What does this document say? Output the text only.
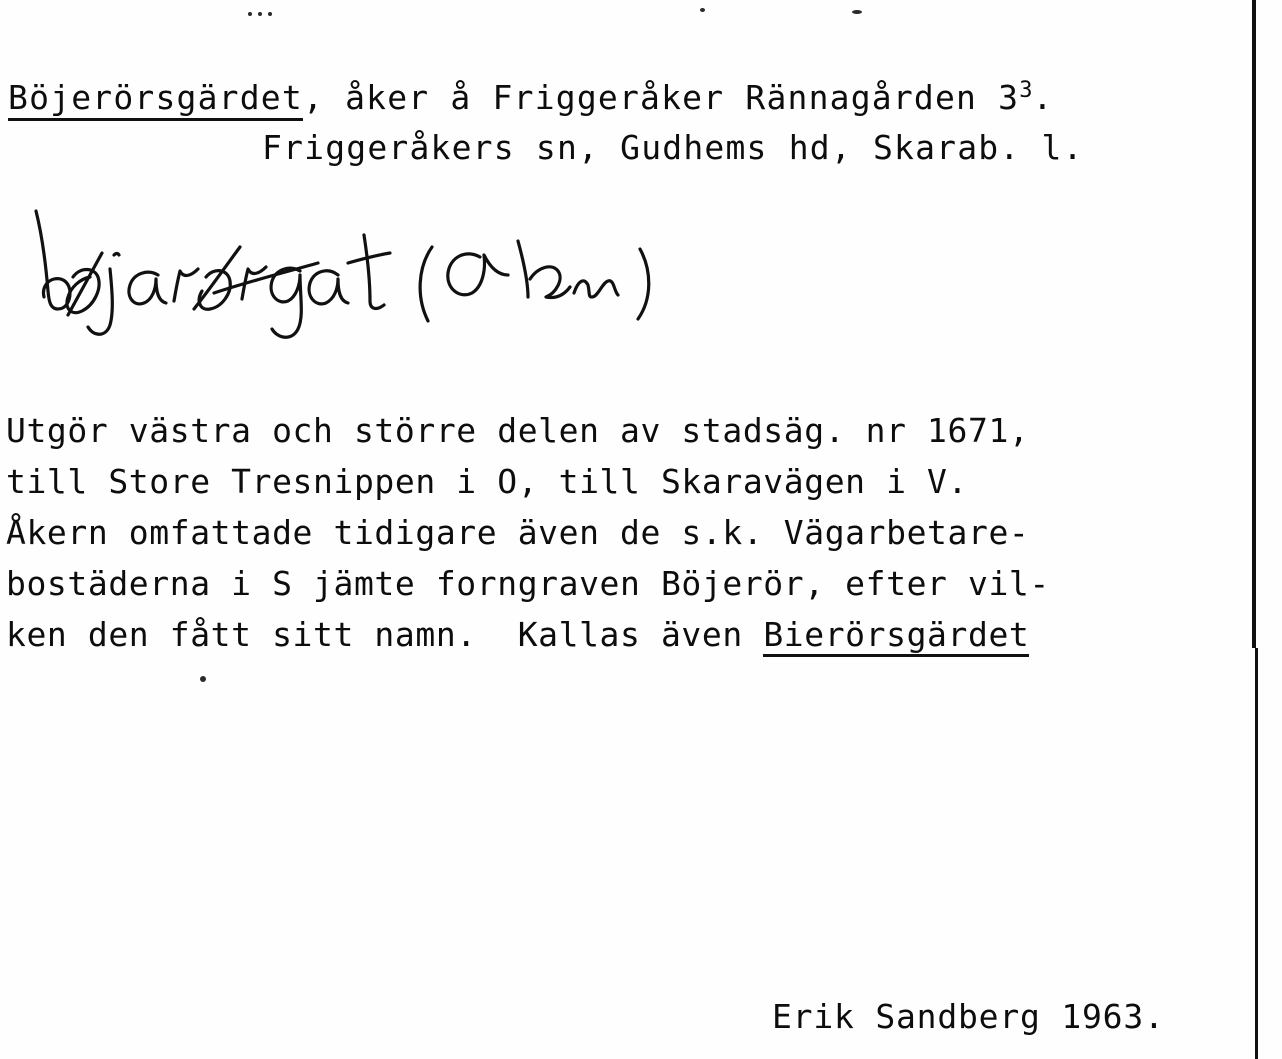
Böjerörsgärdet, åker å Friggeråker Rännagården $3^3$.
Friggeråkers sn, Gudhems hd, Skarab. l.
Utgör västra och större delen av stadsäg. nr 1671,
till Store Tresnippen i O, till Skaravägen i V.
Åkern omfattade tidigare även de s.k. Vägarbetare-
bostäderna i S jämte forngraven Böjerör, efter vil-
ken den fått sitt namn.  Kallas även Bierörsgärdet
Erik Sandberg 1963.
